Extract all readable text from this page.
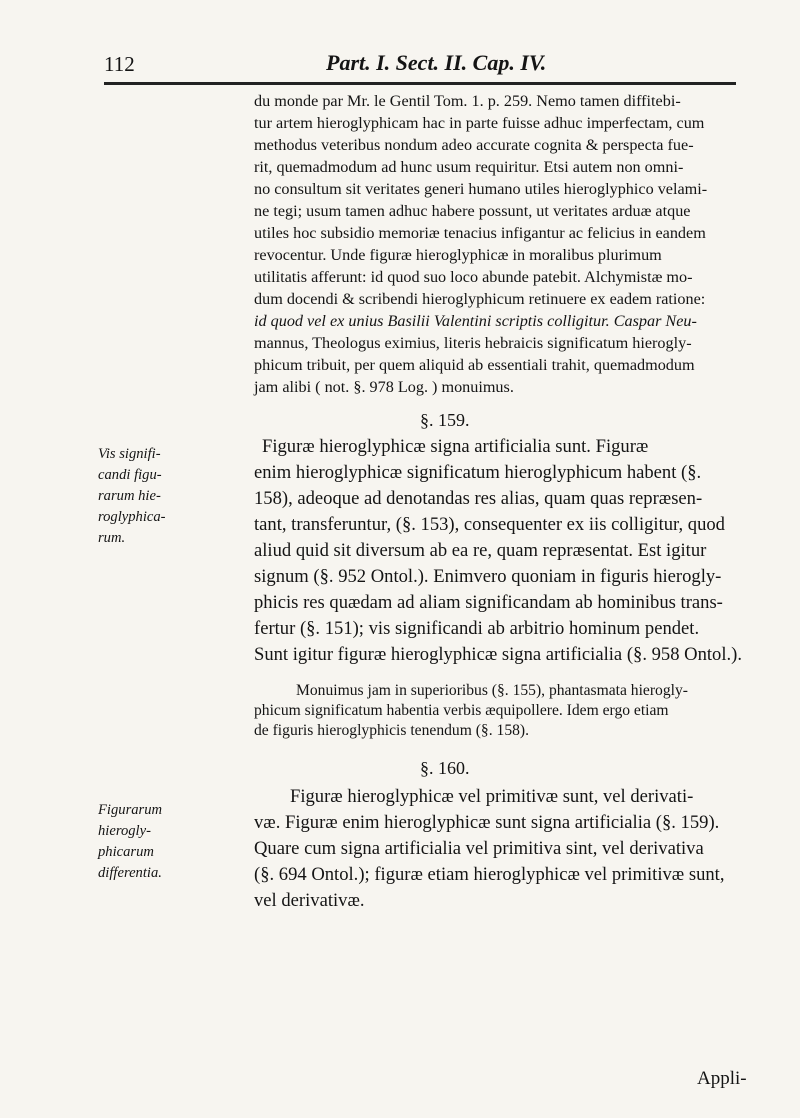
112	Part. I. Sect. II. Cap. IV.
du monde par Mr. le Gentil Tom. 1. p. 259. Nemo tamen diffitebi-
tur artem hieroglyphicam hac in parte fuisse adhuc imperfectam, cum
methodus veteribus nondum adeo accurate cognita & perspecta fue-
rit, quemadmodum ad hunc usum requiritur. Etsi autem non omni-
no consultum sit veritates generi humano utiles hieroglyphico velami-
ne tegi; usum tamen adhuc habere possunt, ut veritates arduæ atque
utiles hoc subsidio memoriæ tenacius infigantur ac felicius in eandem
revocentur. Unde figuræ hieroglyphicæ in moralibus plurimum
utilitatis afferunt: id quod suo loco abunde patebit. Alchymistæ mo-
dum docendi & scribendi hieroglyphicum retinuere ex eadem ratione:
id quod vel ex unius Basilii Valentini scriptis colligitur. Caspar Neu-
mannus, Theologus eximius, literis hebraicis significatum hierogly-
phicum tribuit, per quem aliquid ab essentiali trahit, quemadmodum
jam alibi ( not. §. 978 Log. ) monuimus.
§. 159.
Vis signifi-
candi figu-
rarum hie-
roglyphica-
rum.
Figuræ hieroglyphicæ signa artificialia sunt. Figuræ
enim hieroglyphicæ significatum hieroglyphicum habent (§.
158), adeoque ad denotandas res alias, quam quas repræsen-
tant, transferuntur, (§. 153), consequenter ex iis colligitur, quod
aliud quid sit diversum ab ea re, quam repræsentat. Est igitur
signum (§. 952 Ontol.). Enimvero quoniam in figuris hierogly-
phicis res quædam ad aliam significandam ab hominibus trans-
fertur (§. 151); vis significandi ab arbitrio hominum pendet.
Sunt igitur figuræ hieroglyphicæ signa artificialia (§. 958 Ontol.).
Monuimus jam in superioribus (§. 155), phantasmata hierogly-
phicum significatum habentia verbis æquipollere. Idem ergo etiam
de figuris hieroglyphicis tenendum (§. 158).
§. 160.
Figurarum
hierogly-
phicarum
differentia.
Figuræ hieroglyphicæ vel primitivæ sunt, vel derivati-
væ. Figuræ enim hieroglyphicæ sunt signa artificialia (§. 159).
Quare cum signa artificialia vel primitiva sint, vel derivativa
(§. 694 Ontol.); figuræ etiam hieroglyphicæ vel primitivæ sunt,
vel derivativæ.
Appli-
